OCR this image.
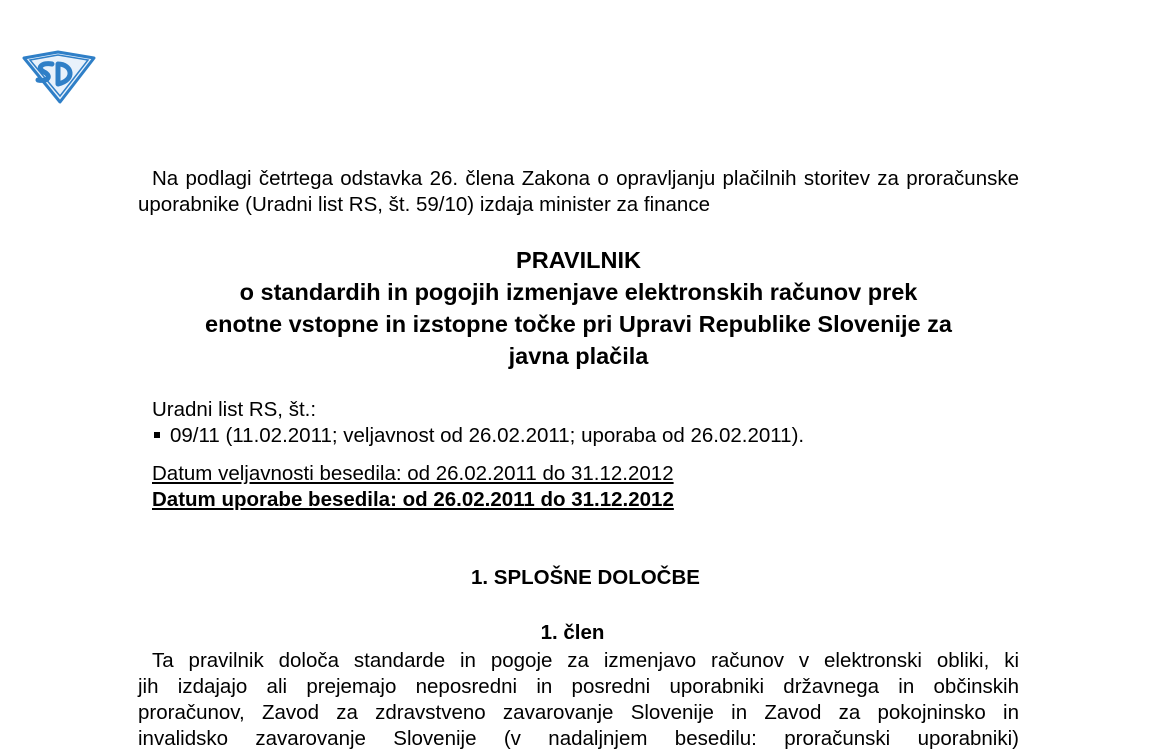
Na podlagi četrtega odstavka 26. člena Zakona o opravljanju plačilnih storitev za proračunske uporabnike (Uradni list RS, št. 59/10) izdaja minister za finance

PRAVILNIK
o standardih in pogojih izmenjave elektronskih računov prek
enotne vstopne in izstopne točke pri Upravi Republike Slovenije za
javna plačila
Uradni list RS, št.:
09/11 (11.02.2011; veljavnost od 26.02.2011; uporaba od 26.02.2011).
Datum veljavnosti besedila: od 26.02.2011 do 31.12.2012
Datum uporabe besedila: od 26.02.2011 do 31.12.2012
1. SPLOŠNE DOLOČBE
1. člen
Ta pravilnik določa standarde in pogoje za izmenjavo računov v elektronski obliki, ki
jih izdajajo ali prejemajo neposredni in posredni uporabniki državnega in občinskih
proračunov, Zavod za zdravstveno zavarovanje Slovenije in Zavod za pokojninsko in
invalidsko zavarovanje Slovenije (v nadaljnjem besedilu: proračunski uporabniki)
